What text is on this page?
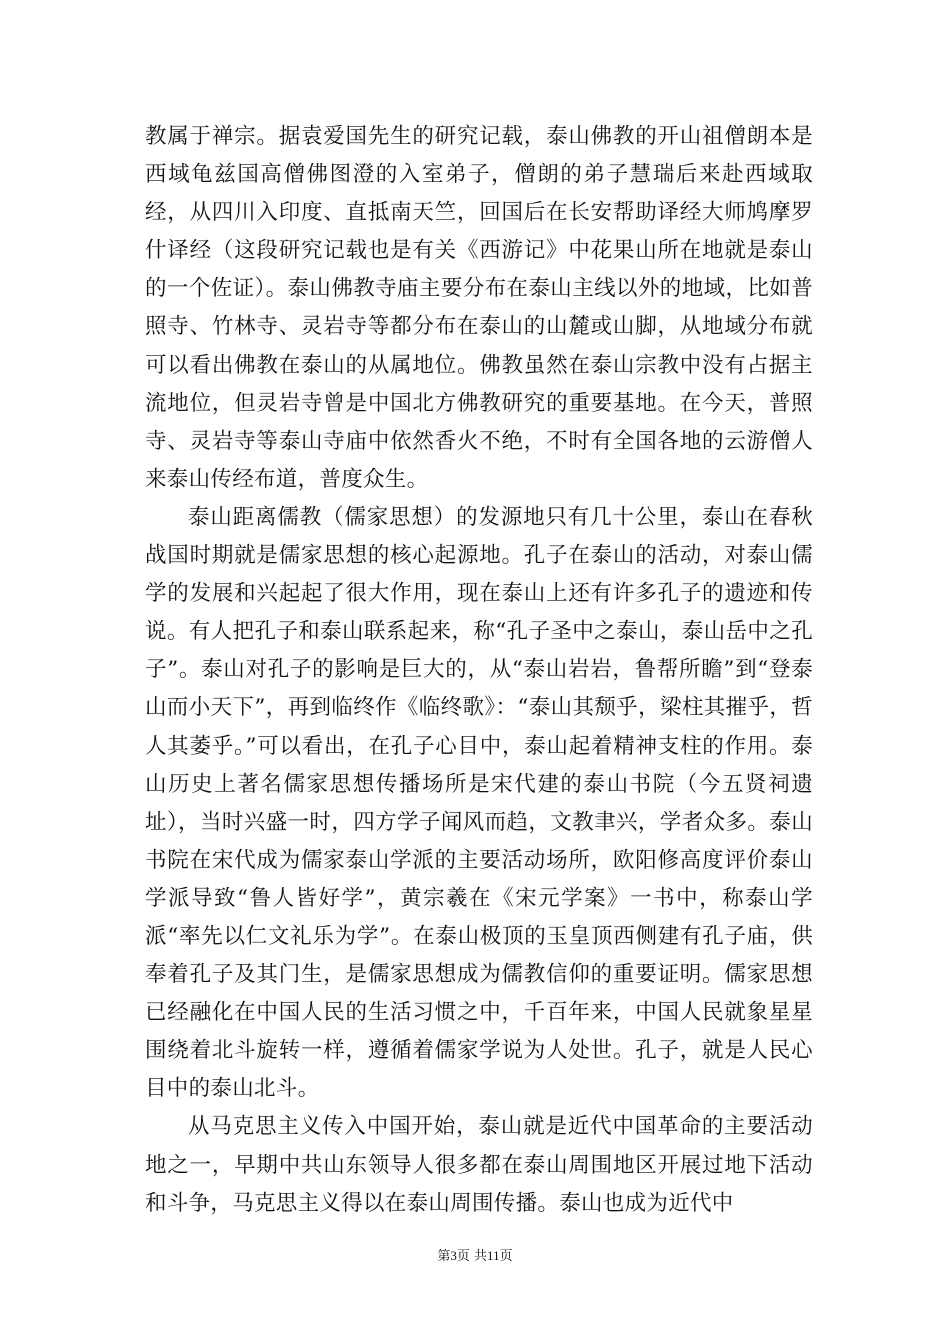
教属于禅宗。据袁爱国先生的研究记载，泰山佛教的开山祖僧朗本是西域龟兹国高僧佛图澄的入室弟子，僧朗的弟子慧瑞后来赴西域取经，从四川入印度、直抵南天竺，回国后在长安帮助译经大师鸠摩罗什译经（这段研究记载也是有关《西游记》中花果山所在地就是泰山的一个佐证）。泰山佛教寺庙主要分布在泰山主线以外的地域，比如普照寺、竹林寺、灵岩寺等都分布在泰山的山麓或山脚，从地域分布就可以看出佛教在泰山的从属地位。佛教虽然在泰山宗教中没有占据主流地位，但灵岩寺曾是中国北方佛教研究的重要基地。在今天，普照寺、灵岩寺等泰山寺庙中依然香火不绝，不时有全国各地的云游僧人来泰山传经布道，普度众生。

泰山距离儒教（儒家思想）的发源地只有几十公里，泰山在春秋战国时期就是儒家思想的核心起源地。孔子在泰山的活动，对泰山儒学的发展和兴起起了很大作用，现在泰山上还有许多孔子的遗迹和传说。有人把孔子和泰山联系起来，称“孔子圣中之泰山，泰山岳中之孔子”。泰山对孔子的影响是巨大的，从“泰山岩岩，鲁帮所瞻”到“登泰山而小天下”，再到临终作《临终歌》：“泰山其颓乎，梁柱其摧乎，哲人其萎乎。”可以看出，在孔子心目中，泰山起着精神支柱的作用。泰山历史上著名儒家思想传播场所是宋代建的泰山书院（今五贤祠遗址），当时兴盛一时，四方学子闻风而趋，文教聿兴，学者众多。泰山书院在宋代成为儒家泰山学派的主要活动场所，欧阳修高度评价泰山学派导致“鲁人皆好学”，黄宗羲在《宋元学案》一书中，称泰山学派“率先以仁文礼乐为学”。在泰山极顶的玉皇顶西侧建有孔子庙，供奉着孔子及其门生，是儒家思想成为儒教信仰的重要证明。儒家思想已经融化在中国人民的生活习惯之中，千百年来，中国人民就象星星围绕着北斗旋转一样，遵循着儒家学说为人处世。孔子，就是人民心目中的泰山北斗。

从马克思主义传入中国开始，泰山就是近代中国革命的主要活动地之一，早期中共山东领导人很多都在泰山周围地区开展过地下活动和斗争，马克思主义得以在泰山周围传播。泰山也成为近代中

第3页 共11页
